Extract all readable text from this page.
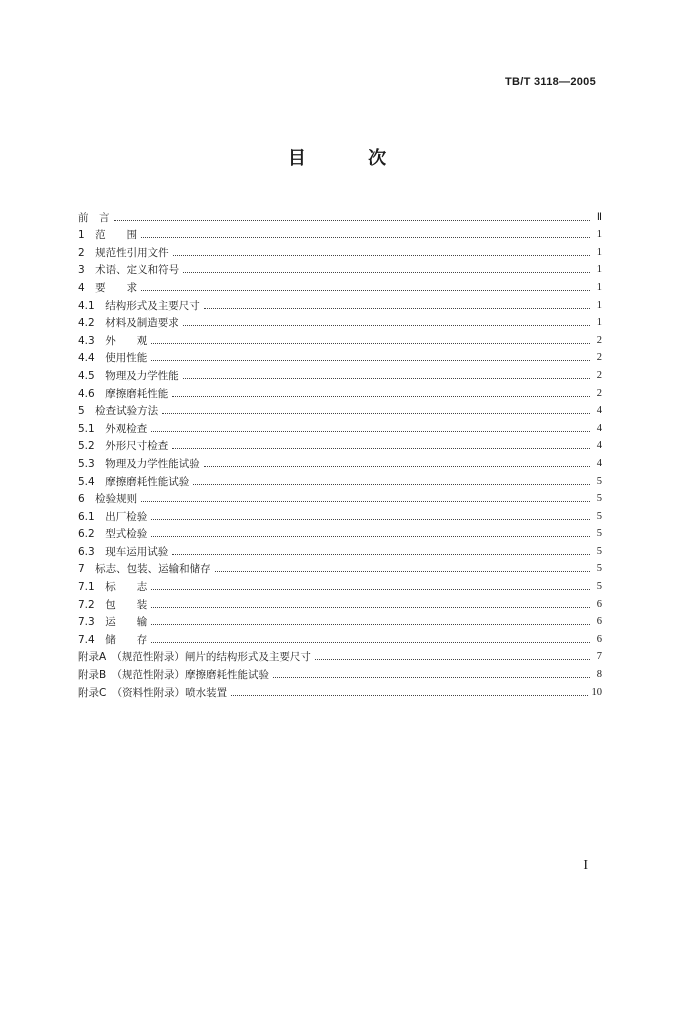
TB/T 3118—2005
目 次
前　言	Ⅱ
1　范　　围	1
2　规范性引用文件	1
3　术语、定义和符号	1
4　要　　求	1
4.1　结构形式及主要尺寸	1
4.2　材料及制造要求	1
4.3　外　　观	2
4.4　使用性能	2
4.5　物理及力学性能	2
4.6　摩擦磨耗性能	2
5　检查试验方法	4
5.1　外观检查	4
5.2　外形尺寸检查	4
5.3　物理及力学性能试验	4
5.4　摩擦磨耗性能试验	5
6　检验规则	5
6.1　出厂检验	5
6.2　型式检验	5
6.3　现车运用试验	5
7　标志、包装、运输和储存	5
7.1　标　　志	5
7.2　包　　装	6
7.3　运　　输	6
7.4　储　　存	6
附录A　（规范性附录）闸片的结构形式及主要尺寸	7
附录B　（规范性附录）摩擦磨耗性能试验	8
附录C　（资料性附录）喷水装置	10
I
